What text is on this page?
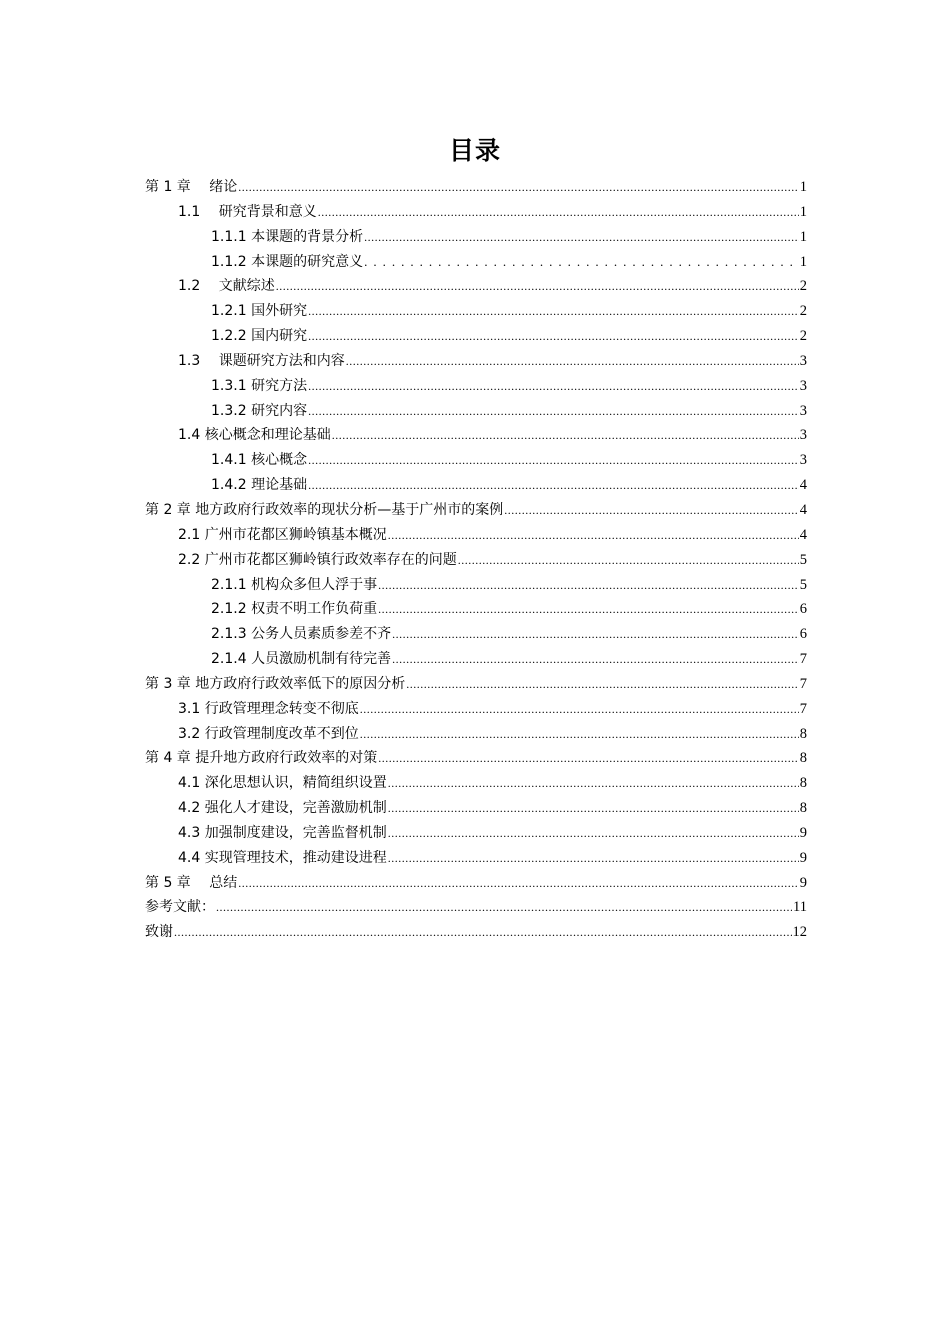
目录
第 1 章　 绪论 .....	1
1.1　 研究背景和意义 .....	1
1.1.1 本课题的背景分析 .....	1
1.1.2 本课题的研究意义 .....	1
1.2　 文献综述 .....	2
1.2.1 国外研究 .....	2
1.2.2 国内研究 .....	2
1.3　 课题研究方法和内容 .....	3
1.3.1 研究方法 .....	3
1.3.2 研究内容 .....	3
1.4 核心概念和理论基础 .....	3
1.4.1 核心概念 .....	3
1.4.2 理论基础 .....	4
第 2 章 地方政府行政效率的现状分析—基于广州市的案例 .....	4
2.1 广州市花都区狮岭镇基本概况 .....	4
2.2 广州市花都区狮岭镇行政效率存在的问题 .....	5
2.1.1 机构众多但人浮于事 .....	5
2.1.2 权责不明工作负荷重 .....	6
2.1.3 公务人员素质参差不齐 .....	6
2.1.4 人员激励机制有待完善 .....	7
第 3 章 地方政府行政效率低下的原因分析 .....	7
3.1 行政管理理念转变不彻底 .....	7
3.2 行政管理制度改革不到位 .....	8
第 4 章 提升地方政府行政效率的对策 .....	8
4.1 深化思想认识，精简组织设置 .....	8
4.2 强化人才建设，完善激励机制 .....	8
4.3 加强制度建设，完善监督机制 .....	9
4.4 实现管理技术，推动建设进程 .....	9
第 5 章　 总结 .....	9
参考文献： .....	11
致谢 .....	12
